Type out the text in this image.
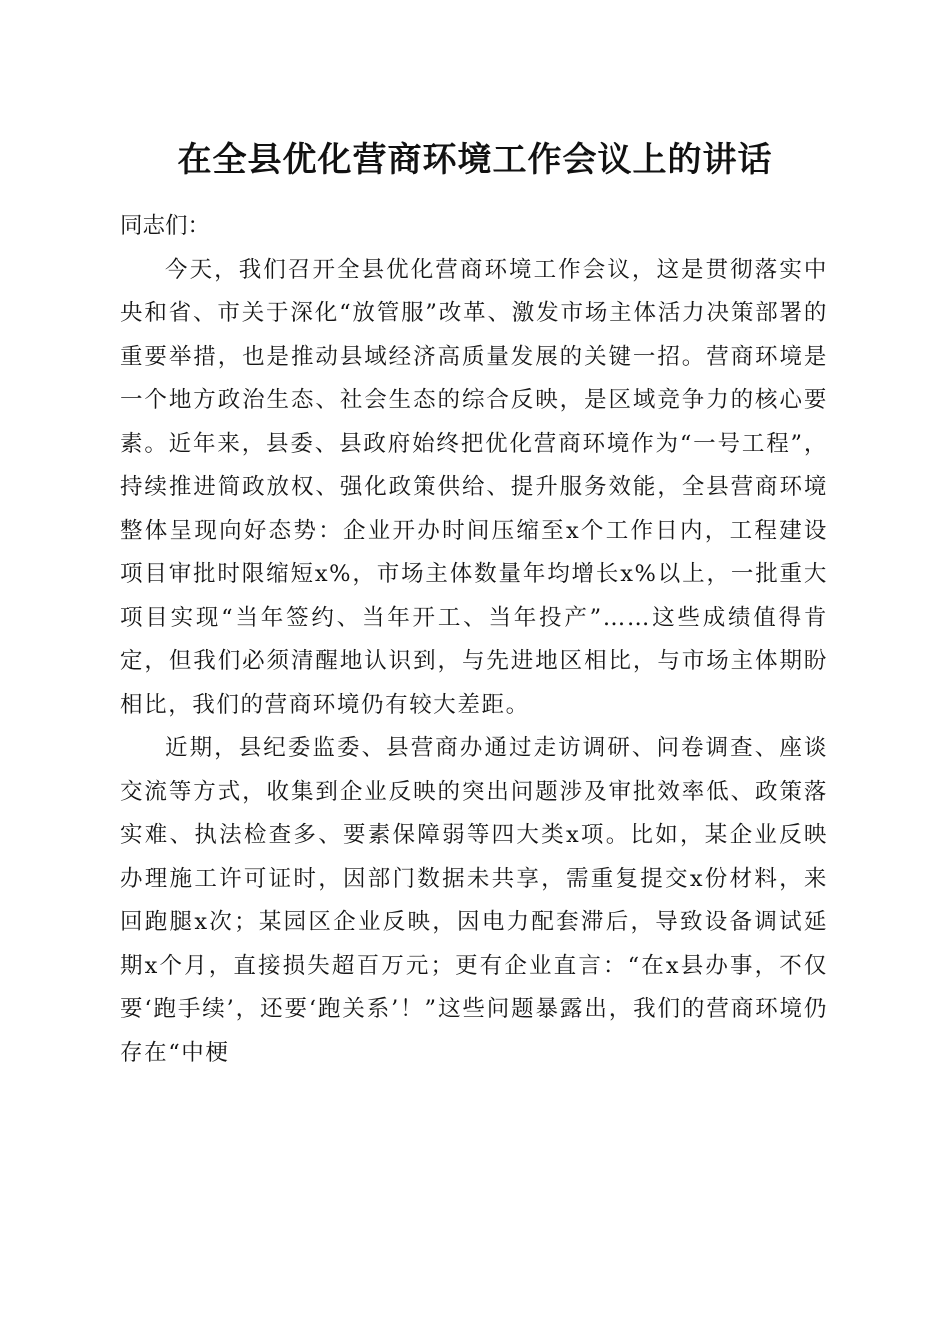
在全县优化营商环境工作会议上的讲话

同志们：

今天，我们召开全县优化营商环境工作会议，这是贯彻落实中央和省、市关于深化“放管服”改革、激发市场主体活力决策部署的重要举措，也是推动县域经济高质量发展的关键一招。营商环境是一个地方政治生态、社会生态的综合反映，是区域竞争力的核心要素。近年来，县委、县政府始终把优化营商环境作为“一号工程”，持续推进简政放权、强化政策供给、提升服务效能，全县营商环境整体呈现向好态势：企业开办时间压缩至x个工作日内，工程建设项目审批时限缩短x%，市场主体数量年均增长x%以上，一批重大项目实现“当年签约、当年开工、当年投产”……这些成绩值得肯定，但我们必须清醒地认识到，与先进地区相比，与市场主体期盼相比，我们的营商环境仍有较大差距。

近期，县纪委监委、县营商办通过走访调研、问卷调查、座谈交流等方式，收集到企业反映的突出问题涉及审批效率低、政策落实难、执法检查多、要素保障弱等四大类x项。比如，某企业反映办理施工许可证时，因部门数据未共享，需重复提交x份材料，来回跑腿x次；某园区企业反映，因电力配套滞后，导致设备调试延期x个月，直接损失超百万元；更有企业直言：“在x县办事，不仅要‘跑手续’，还要‘跑关系’！”这些问题暴露出，我们的营商环境仍存在“中梗
